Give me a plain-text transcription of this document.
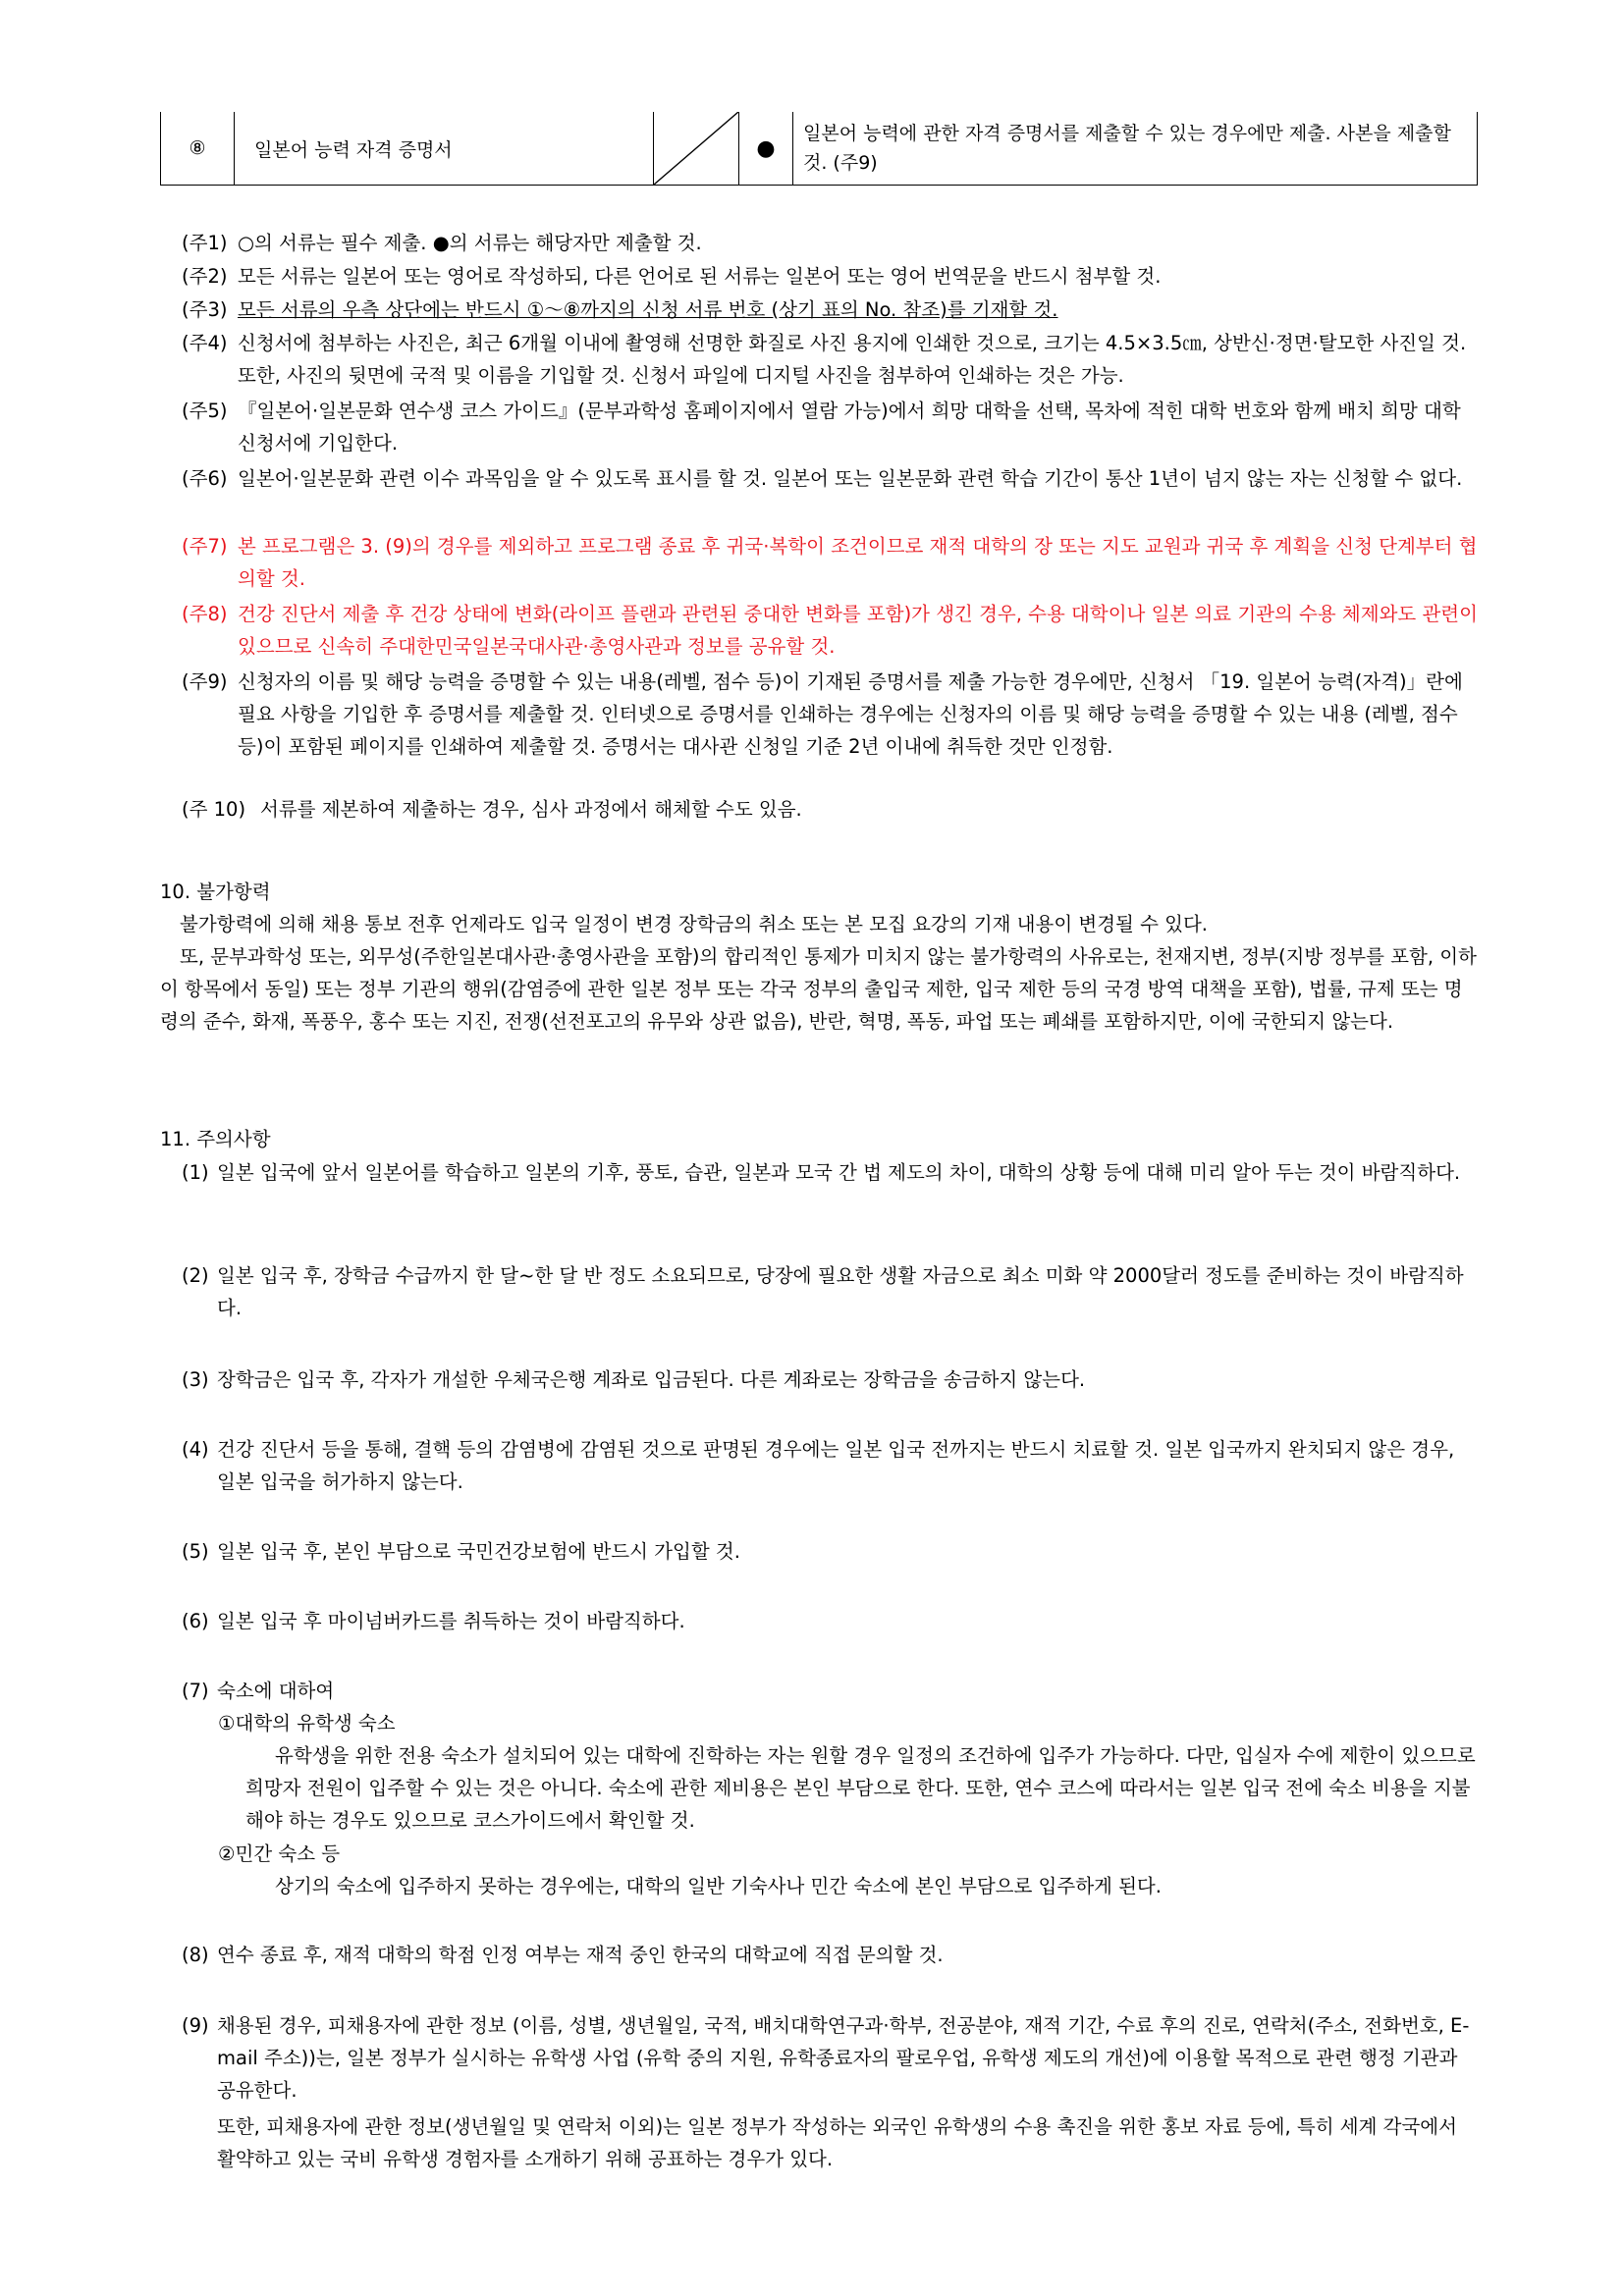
⑧	일본어 능력 자격 증명서		●	일본어 능력에 관한 자격 증명서를 제출할 수 있는 경우에만 제출. 사본을 제출할 것. (주9)
(주1) ○의 서류는 필수 제출. ●의 서류는 해당자만 제출할 것.
(주2) 모든 서류는 일본어 또는 영어로 작성하되, 다른 언어로 된 서류는 일본어 또는 영어 번역문을 반드시 첨부할 것.
(주3) 모든 서류의 우측 상단에는 반드시 ①～⑧까지의 신청 서류 번호 (상기 표의 No. 참조)를 기재할 것.
(주4) 신청서에 첨부하는 사진은, 최근 6개월 이내에 촬영해 선명한 화질로 사진 용지에 인쇄한 것으로, 크기는 4.5×3.5㎝, 상반신·정면·탈모한 사진일 것. 또한, 사진의 뒷면에 국적 및 이름을 기입할 것. 신청서 파일에 디지털 사진을 첨부하여 인쇄하는 것은 가능.
(주5) 『일본어·일본문화 연수생 코스 가이드』(문부과학성 홈페이지에서 열람 가능)에서 희망 대학을 선택, 목차에 적힌 대학 번호와 함께 배치 희망 대학 신청서에 기입한다.
(주6) 일본어·일본문화 관련 이수 과목임을 알 수 있도록 표시를 할 것. 일본어 또는 일본문화 관련 학습 기간이 통산 1년이 넘지 않는 자는 신청할 수 없다.
(주7) 본 프로그램은 3. (9)의 경우를 제외하고 프로그램 종료 후 귀국·복학이 조건이므로 재적 대학의 장 또는 지도 교원과 귀국 후 계획을 신청 단계부터 협의할 것.
(주8) 건강 진단서 제출 후 건강 상태에 변화(라이프 플랜과 관련된 중대한 변화를 포함)가 생긴 경우, 수용 대학이나 일본 의료 기관의 수용 체제와도 관련이 있으므로 신속히 주대한민국일본국대사관·총영사관과 정보를 공유할 것.
(주9) 신청자의 이름 및 해당 능력을 증명할 수 있는 내용(레벨, 점수 등)이 기재된 증명서를 제출 가능한 경우에만, 신청서 「19. 일본어 능력(자격)」란에 필요 사항을 기입한 후 증명서를 제출할 것. 인터넷으로 증명서를 인쇄하는 경우에는 신청자의 이름 및 해당 능력을 증명할 수 있는 내용 (레벨, 점수 등)이 포함된 페이지를 인쇄하여 제출할 것. 증명서는 대사관 신청일 기준 2년 이내에 취득한 것만 인정함.
(주 10) 서류를 제본하여 제출하는 경우, 심사 과정에서 해체할 수도 있음.
10. 불가항력
불가항력에 의해 채용 통보 전후 언제라도 입국 일정이 변경 장학금의 취소 또는 본 모집 요강의 기재 내용이 변경될 수 있다.
또, 문부과학성 또는, 외무성(주한일본대사관·총영사관을 포함)의 합리적인 통제가 미치지 않는 불가항력의 사유로는, 천재지변, 정부(지방 정부를 포함, 이하 이 항목에서 동일) 또는 정부 기관의 행위(감염증에 관한 일본 정부 또는 각국 정부의 출입국 제한, 입국 제한 등의 국경 방역 대책을 포함), 법률, 규제 또는 명령의 준수, 화재, 폭풍우, 홍수 또는 지진, 전쟁(선전포고의 유무와 상관 없음), 반란, 혁명, 폭동, 파업 또는 폐쇄를 포함하지만, 이에 국한되지 않는다.
11. 주의사항
(1) 일본 입국에 앞서 일본어를 학습하고 일본의 기후, 풍토, 습관, 일본과 모국 간 법 제도의 차이, 대학의 상황 등에 대해 미리 알아 두는 것이 바람직하다.
(2) 일본 입국 후, 장학금 수급까지 한 달~한 달 반 정도 소요되므로, 당장에 필요한 생활 자금으로 최소 미화 약 2000달러 정도를 준비하는 것이 바람직하다.
(3) 장학금은 입국 후, 각자가 개설한 우체국은행 계좌로 입금된다. 다른 계좌로는 장학금을 송금하지 않는다.
(4) 건강 진단서 등을 통해, 결핵 등의 감염병에 감염된 것으로 판명된 경우에는 일본 입국 전까지는 반드시 치료할 것. 일본 입국까지 완치되지 않은 경우, 일본 입국을 허가하지 않는다.
(5) 일본 입국 후, 본인 부담으로 국민건강보험에 반드시 가입할 것.
(6) 일본 입국 후 마이넘버카드를 취득하는 것이 바람직하다.
(7) 숙소에 대하여
①대학의 유학생 숙소
유학생을 위한 전용 숙소가 설치되어 있는 대학에 진학하는 자는 원할 경우 일정의 조건하에 입주가 가능하다. 다만, 입실자 수에 제한이 있으므로 희망자 전원이 입주할 수 있는 것은 아니다. 숙소에 관한 제비용은 본인 부담으로 한다. 또한, 연수 코스에 따라서는 일본 입국 전에 숙소 비용을 지불해야 하는 경우도 있으므로 코스가이드에서 확인할 것.
②민간 숙소 등
상기의 숙소에 입주하지 못하는 경우에는, 대학의 일반 기숙사나 민간 숙소에 본인 부담으로 입주하게 된다.
(8) 연수 종료 후, 재적 대학의 학점 인정 여부는 재적 중인 한국의 대학교에 직접 문의할 것.
(9) 채용된 경우, 피채용자에 관한 정보 (이름, 성별, 생년월일, 국적, 배치대학연구과·학부, 전공분야, 재적 기간, 수료 후의 진로, 연락처(주소, 전화번호, E-mail 주소))는, 일본 정부가 실시하는 유학생 사업 (유학 중의 지원, 유학종료자의 팔로우업, 유학생 제도의 개선)에 이용할 목적으로 관련 행정 기관과 공유한다.
또한, 피채용자에 관한 정보(생년월일 및 연락처 이외)는 일본 정부가 작성하는 외국인 유학생의 수용 촉진을 위한 홍보 자료 등에, 특히 세계 각국에서 활약하고 있는 국비 유학생 경험자를 소개하기 위해 공표하는 경우가 있다.
